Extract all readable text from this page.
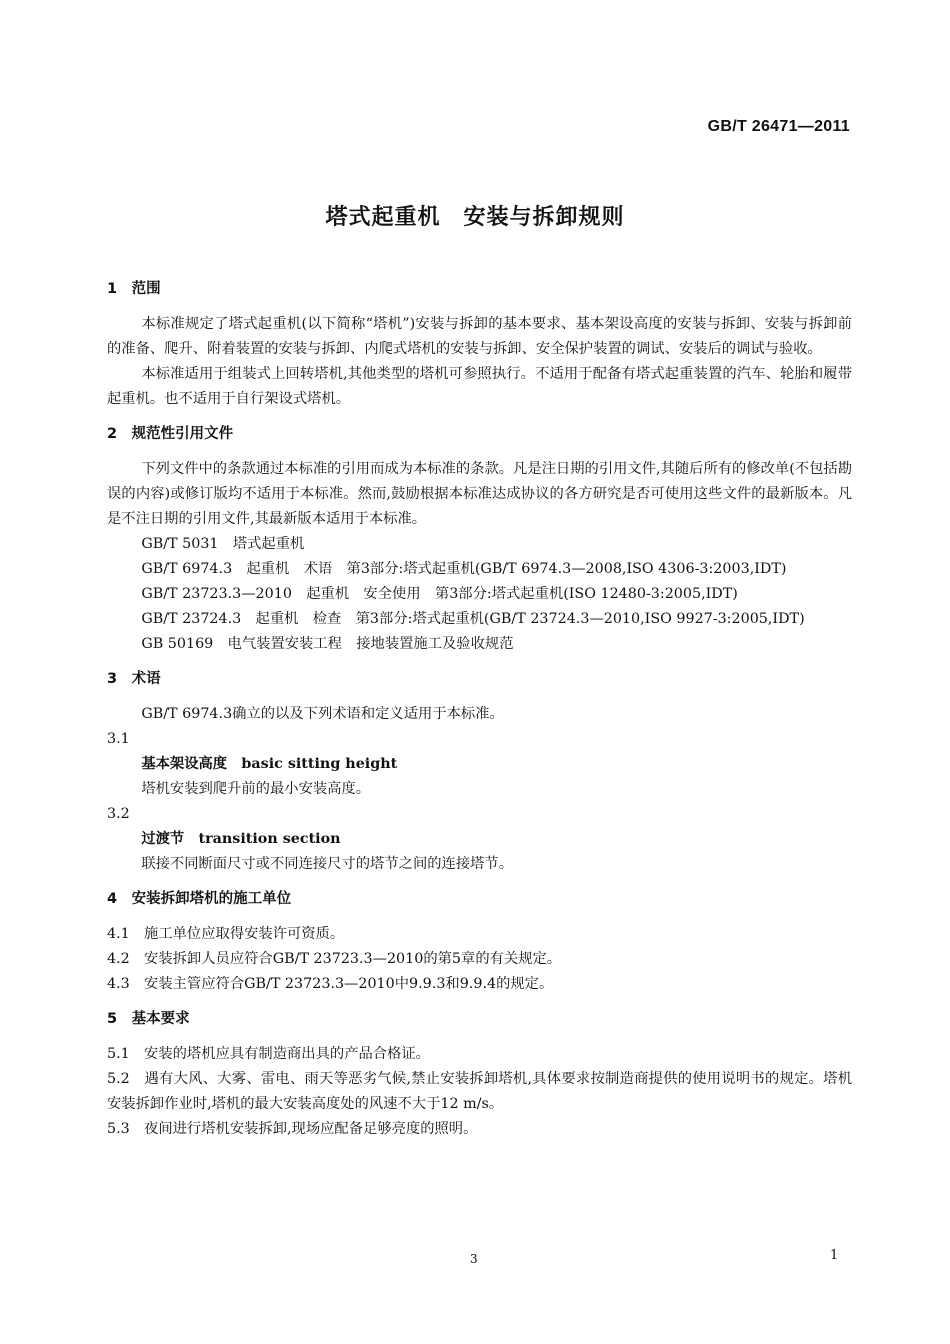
GB/T 26471—2011
塔式起重机　安装与拆卸规则

1　范围

本标准规定了塔式起重机(以下简称“塔机”)安装与拆卸的基本要求、基本架设高度的安装与拆卸、安装与拆卸前的准备、爬升、附着装置的安装与拆卸、内爬式塔机的安装与拆卸、安全保护装置的调试、安装后的调试与验收。

本标准适用于组装式上回转塔机,其他类型的塔机可参照执行。不适用于配备有塔式起重装置的汽车、轮胎和履带起重机。也不适用于自行架设式塔机。

2　规范性引用文件

下列文件中的条款通过本标准的引用而成为本标准的条款。凡是注日期的引用文件,其随后所有的修改单(不包括勘误的内容)或修订版均不适用于本标准。然而,鼓励根据本标准达成协议的各方研究是否可使用这些文件的最新版本。凡是不注日期的引用文件,其最新版本适用于本标准。

GB/T 5031　塔式起重机

GB/T 6974.3　起重机　术语　第3部分:塔式起重机(GB/T 6974.3—2008,ISO 4306-3:2003,IDT)

GB/T 23723.3—2010　起重机　安全使用　第3部分:塔式起重机(ISO 12480-3:2005,IDT)

GB/T 23724.3　起重机　检查　第3部分:塔式起重机(GB/T 23724.3—2010,ISO 9927-3:2005,IDT)

GB 50169　电气装置安装工程　接地装置施工及验收规范

3　术语

GB/T 6974.3确立的以及下列术语和定义适用于本标准。

3.1

基本架设高度　basic sitting height

塔机安装到爬升前的最小安装高度。

3.2

过渡节　transition section

联接不同断面尺寸或不同连接尺寸的塔节之间的连接塔节。

4　安装拆卸塔机的施工单位

4.1　施工单位应取得安装许可资质。

4.2　安装拆卸人员应符合GB/T 23723.3—2010的第5章的有关规定。

4.3　安装主管应符合GB/T 23723.3—2010中9.9.3和9.9.4的规定。

5　基本要求

5.1　安装的塔机应具有制造商出具的产品合格证。

5.2　遇有大风、大雾、雷电、雨天等恶劣气候,禁止安装拆卸塔机,具体要求按制造商提供的使用说明书的规定。塔机安装拆卸作业时,塔机的最大安装高度处的风速不大于12 m/s。

5.3　夜间进行塔机安装拆卸,现场应配备足够亮度的照明。

3	1
